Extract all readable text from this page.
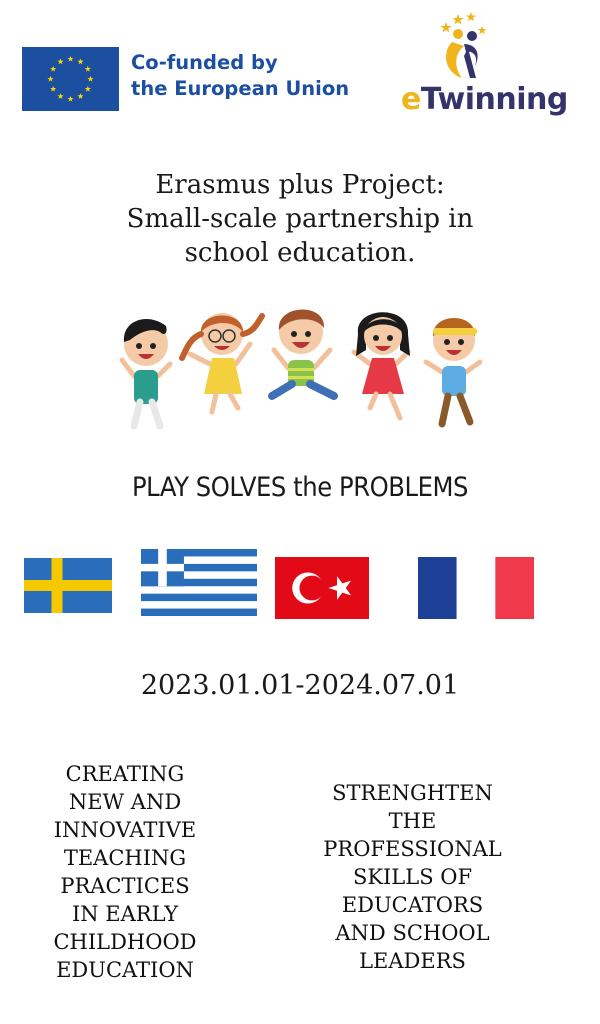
Co-funded by
the European Union eTwinning
Erasmus plus Project:
Small-scale partnership in
school education.
PLAY SOLVES the PROBLEMS
2023.01.01-2024.07.01
CREATING
NEW AND
INNOVATIVE
TEACHING
PRACTICES
IN EARLY
CHILDHOOD
EDUCATION
STRENGHTEN
THE
PROFESSIONAL
SKILLS OF
EDUCATORS
AND SCHOOL
LEADERS
